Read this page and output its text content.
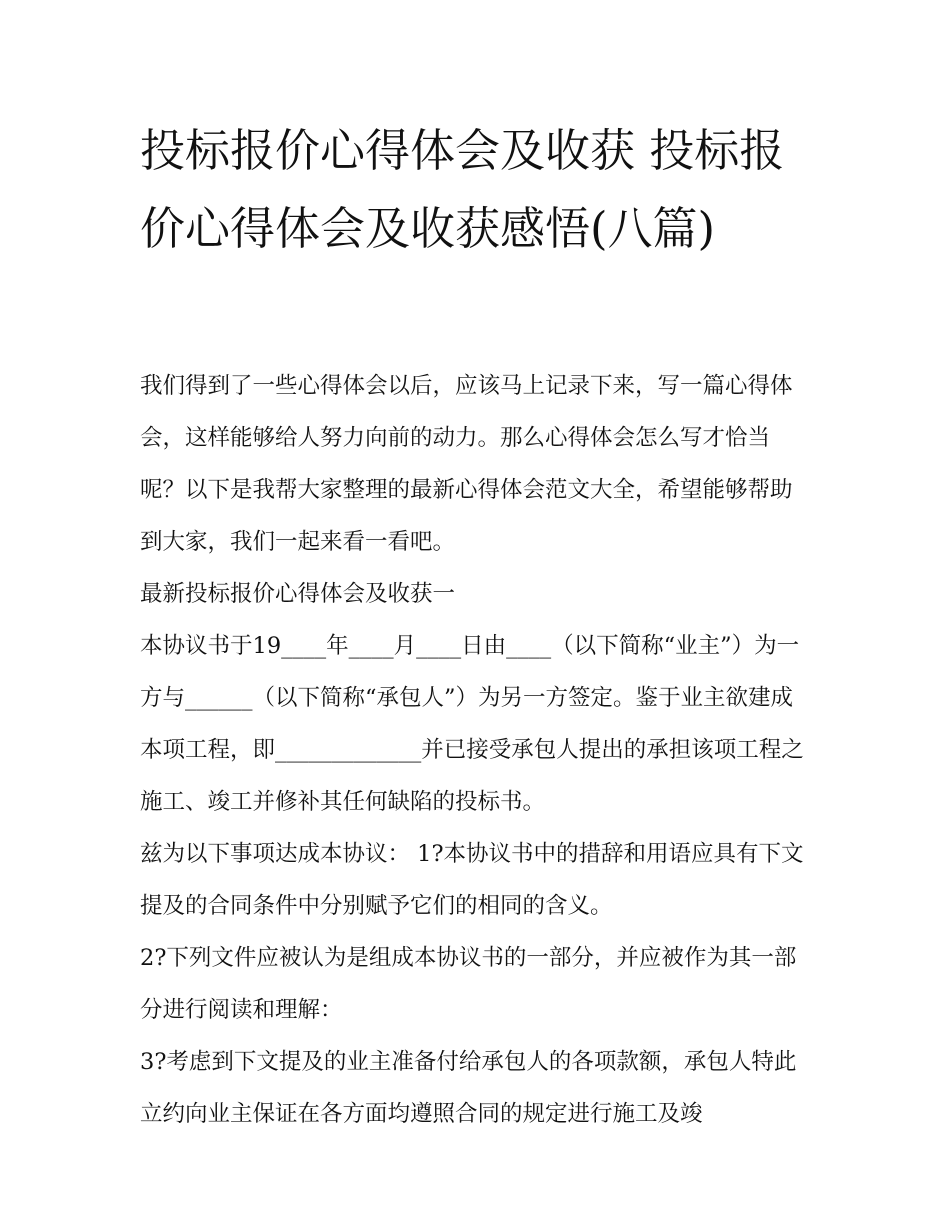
投标报价心得体会及收获 投标报价心得体会及收获感悟(八篇)

我们得到了一些心得体会以后，应该马上记录下来，写一篇心得体会，这样能够给人努力向前的动力。那么心得体会怎么写才恰当呢？以下是我帮大家整理的最新心得体会范文大全，希望能够帮助到大家，我们一起来看一看吧。

最新投标报价心得体会及收获一

本协议书于19____年____月____日由____（以下简称“业主”）为一方与______（以下简称“承包人”）为另一方签定。鉴于业主欲建成本项工程，即_____________并已接受承包人提出的承担该项工程之施工、竣工并修补其任何缺陷的投标书。

兹为以下事项达成本协议： 1?本协议书中的措辞和用语应具有下文提及的合同条件中分别赋予它们的相同的含义。

2?下列文件应被认为是组成本协议书的一部分，并应被作为其一部分进行阅读和理解：

3?考虑到下文提及的业主准备付给承包人的各项款额，承包人特此立约向业主保证在各方面均遵照合同的规定进行施工及竣
